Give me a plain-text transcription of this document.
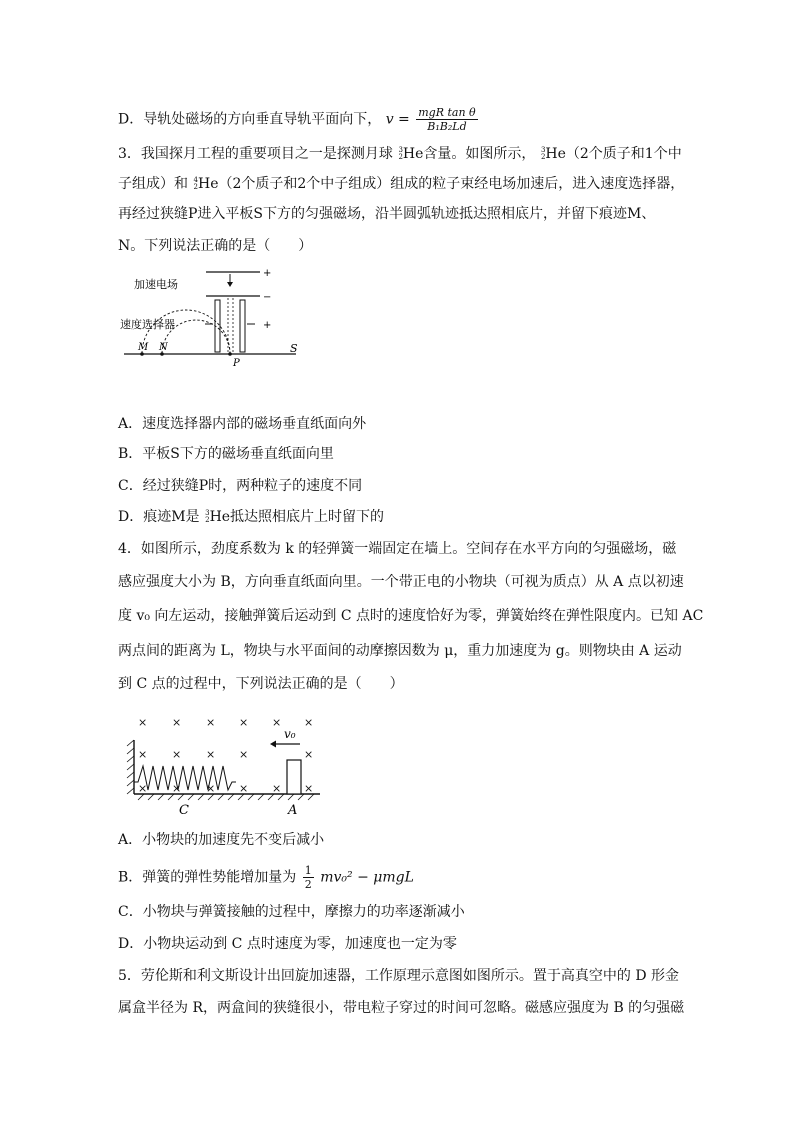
D．导轨处磁场的方向垂直导轨平面向下， $v = \frac{\text{mgR tan θ}}{\text{B₁B₂Ld}}$
3．我国探月工程的重要项目之一是探测月球 3
2 He含量。如图所示， 3
2 He（2个质子和1个中
子组成）和 4
2 He（2个质子和2个中子组成）组成的粒子束经电场加速后，进入速度选择器，
再经过狭缝P进入平板S下方的匀强磁场，沿半圆弧轨迹抵达照相底片，并留下痕迹M、
N。下列说法正确的是（　　）
+
−
加速电场
+
速度选择器
S
M N
P
A．速度选择器内部的磁场垂直纸面向外
B．平板S下方的磁场垂直纸面向里
C．经过狭缝P时，两种粒子的速度不同
D．痕迹M是 3
2 He抵达照相底片上时留下的
4．如图所示，劲度系数为 k 的轻弹簧一端固定在墙上。空间存在水平方向的匀强磁场，磁
感应强度大小为 B，方向垂直纸面向里。一个带正电的小物块（可视为质点）从 A 点以初速
度 v₀ 向左运动，接触弹簧后运动到 C 点时的速度恰好为零，弹簧始终在弹性限度内。已知 AC
两点间的距离为 L，物块与水平面间的动摩擦因数为 μ，重力加速度为 g。则物块由 A 运动
到 C 点的过程中，下列说法正确的是（　　）
v₀
× × × × × ×
× × × ×	×
× × × × × ×
C	A
A．小物块的加速度先不变后减小
B．弹簧的弹性势能增加量为 $\frac{1}{2} mv_0^2 - \mu mgL$
C．小物块与弹簧接触的过程中，摩擦力的功率逐渐减小
D．小物块运动到 C 点时速度为零，加速度也一定为零
5．劳伦斯和利文斯设计出回旋加速器，工作原理示意图如图所示。置于高真空中的 D 形金
属盒半径为 R，两盒间的狭缝很小，带电粒子穿过的时间可忽略。磁感应强度为 B 的匀强磁
